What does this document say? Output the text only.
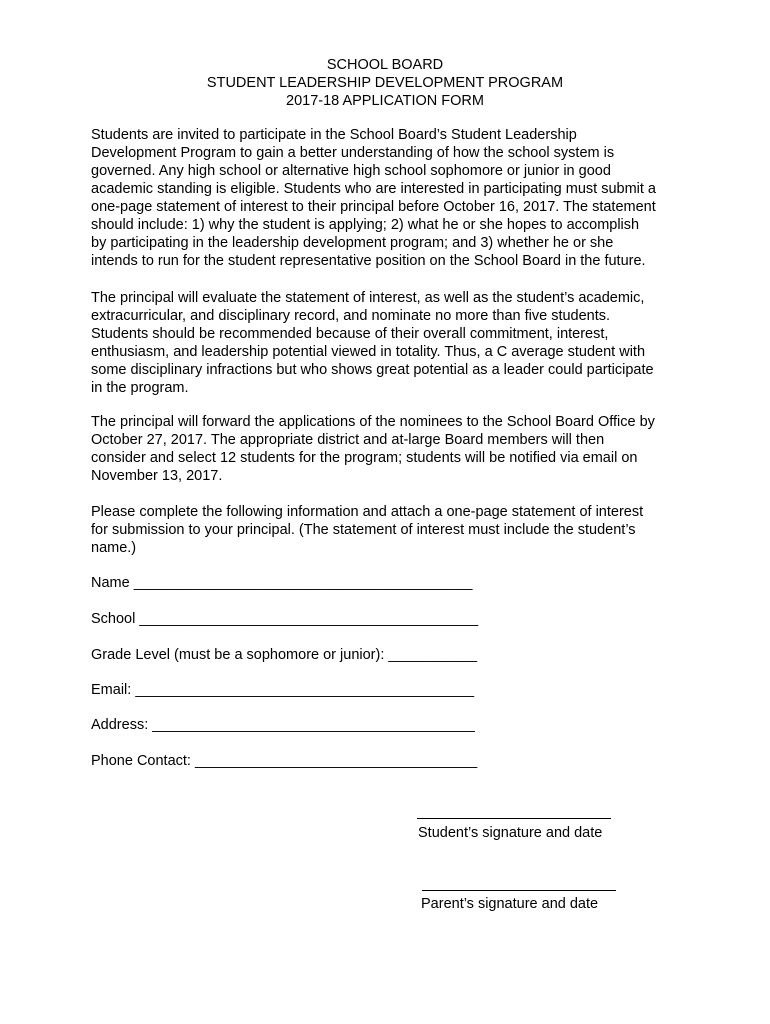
SCHOOL BOARD
STUDENT LEADERSHIP DEVELOPMENT PROGRAM
2017-18 APPLICATION FORM
Students are invited to participate in the School Board’s Student Leadership
Development Program to gain a better understanding of how the school system is
governed. Any high school or alternative high school sophomore or junior in good
academic standing is eligible. Students who are interested in participating must submit a
one-page statement of interest to their principal before October 16, 2017. The statement
should include: 1) why the student is applying; 2) what he or she hopes to accomplish
by participating in the leadership development program; and 3) whether he or she
intends to run for the student representative position on the School Board in the future.
The principal will evaluate the statement of interest, as well as the student’s academic,
extracurricular, and disciplinary record, and nominate no more than five students.
Students should be recommended because of their overall commitment, interest,
enthusiasm, and leadership potential viewed in totality. Thus, a C average student with
some disciplinary infractions but who shows great potential as a leader could participate
in the program.
The principal will forward the applications of the nominees to the School Board Office by
October 27, 2017. The appropriate district and at-large Board members will then
consider and select 12 students for the program; students will be notified via email on
November 13, 2017.
Please complete the following information and attach a one-page statement of interest
for submission to your principal. (The statement of interest must include the student’s
name.)
Name __________________________________________
School __________________________________________
Grade Level (must be a sophomore or junior): ___________
Email: __________________________________________
Address: ________________________________________
Phone Contact: ___________________________________
Student’s signature and date
Parent’s signature and date
